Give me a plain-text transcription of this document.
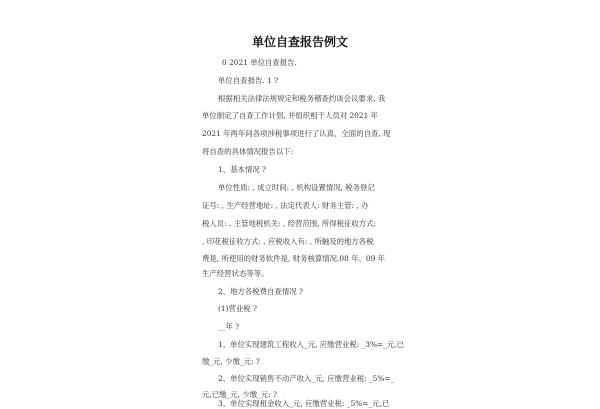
单位自查报告例文
0 2021 单位自查报告.
单位自查报告. 1 ?
根据相关法律法规规定和税务稽查约谈会议要求, 我
单位制定了自查工作计划, 并组织相干人员对 2021 年
2021 年两年间各项涉税事项进行了认真、全面的自查, 现
将自查的具体情况报告以下:
1、基本情况 ?
单位性质: , 成立时间: , 机构设置情况, 税务登记
证号: , 生产经营地址: , 法定代表人: 财务主管: , 办
税人员: , 主管地税机关: , 经营范围, 所得税征收方式:
, 印花税征收方式: , 应税收入有: , 所触及的地方各税
费是, 所使用的财务软件是, 财务核算情况.08 年、09 年
生产经营状态等等。
2、地方各税费自查情况 ?
(1)营业税 ?
__年 ?
1、单位实现建筑工程收入_元, 应缴营业税: _3%=_元,已
缴_元, 少缴_元: ?
2、单位实现销售不动产收入_元, 应缴营业税: _5%=_
元,已缴_元, 少缴_元: ?
3、单位实现租金收入_元, 应缴营业税: _5%=_元,已
